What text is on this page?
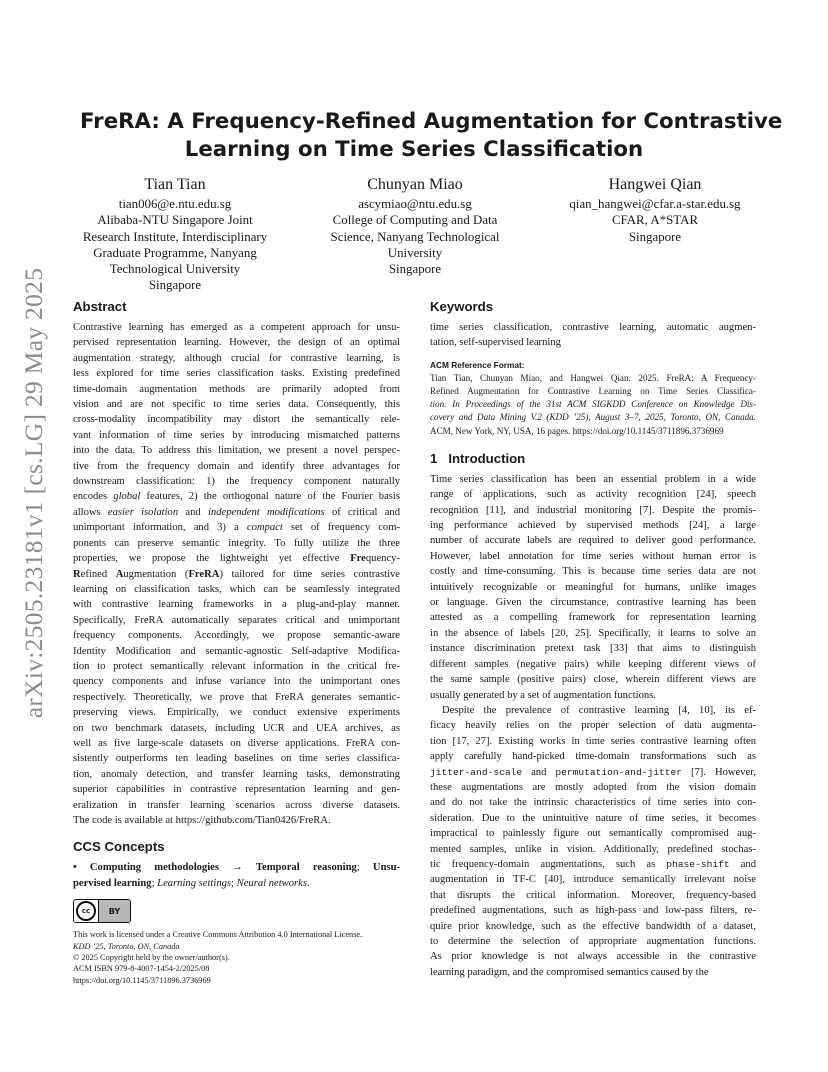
arXiv:2505.23181v1 [cs.LG] 29 May 2025
FreRA: A Frequency-Refined Augmentation for Contrastive
Learning on Time Series Classification
Tian Tian
tian006@e.ntu.edu.sg
Alibaba-NTU Singapore Joint
Research Institute, Interdisciplinary
Graduate Programme, Nanyang
Technological University
Singapore
Chunyan Miao
ascymiao@ntu.edu.sg
College of Computing and Data
Science, Nanyang Technological
University
Singapore
Hangwei Qian
qian_hangwei@cfar.a-star.edu.sg
CFAR, A*STAR
Singapore
Abstract
Contrastive learning has emerged as a competent approach for unsu-
pervised representation learning. However, the design of an optimal
augmentation strategy, although crucial for contrastive learning, is
less explored for time series classification tasks. Existing predefined
time-domain augmentation methods are primarily adopted from
vision and are not specific to time series data. Consequently, this
cross-modality incompatibility may distort the semantically rele-
vant information of time series by introducing mismatched patterns
into the data. To address this limitation, we present a novel perspec-
tive from the frequency domain and identify three advantages for
downstream classification: 1) the frequency component naturally
encodes global features, 2) the orthogonal nature of the Fourier basis
allows easier isolation and independent modifications of critical and
unimportant information, and 3) a compact set of frequency com-
ponents can preserve semantic integrity. To fully utilize the three
properties, we propose the lightweight yet effective Frequency-
Refined Augmentation (FreRA) tailored for time series contrastive
learning on classification tasks, which can be seamlessly integrated
with contrastive learning frameworks in a plug-and-play manner.
Specifically, FreRA automatically separates critical and unimportant
frequency components. Accordingly, we propose semantic-aware
Identity Modification and semantic-agnostic Self-adaptive Modifica-
tion to protect semantically relevant information in the critical fre-
quency components and infuse variance into the unimportant ones
respectively. Theoretically, we prove that FreRA generates semantic-
preserving views. Empirically, we conduct extensive experiments
on two benchmark datasets, including UCR and UEA archives, as
well as five large-scale datasets on diverse applications. FreRA con-
sistently outperforms ten leading baselines on time series classifica-
tion, anomaly detection, and transfer learning tasks, demonstrating
superior capabilities in contrastive representation learning and gen-
eralization in transfer learning scenarios across diverse datasets.
The code is available at https://github.com/Tian0426/FreRA.
CCS Concepts
• Computing methodologies → Temporal reasoning; Unsu-
pervised learning; Learning settings; Neural networks.
cc	BY
This work is licensed under a Creative Commons Attribution 4.0 International License.
KDD ’25, Toronto, ON, Canada
© 2025 Copyright held by the owner/author(s).
ACM ISBN 979-8-4007-1454-2/2025/08
https://doi.org/10.1145/3711896.3736969
Keywords
time series classification, contrastive learning, automatic augmen-
tation, self-supervised learning
ACM Reference Format:
Tian Tian, Chunyan Miao, and Hangwei Qian. 2025. FreRA: A Frequency-
Refined Augmentation for Contrastive Learning on Time Series Classifica-
tion. In Proceedings of the 31st ACM SIGKDD Conference on Knowledge Dis-
covery and Data Mining V.2 (KDD ’25), August 3–7, 2025, Toronto, ON, Canada.
ACM, New York, NY, USA, 16 pages. https://doi.org/10.1145/3711896.3736969
1   Introduction
Time series classification has been an essential problem in a wide
range of applications, such as activity recognition [24], speech
recognition [11], and industrial monitoring [7]. Despite the promis-
ing performance achieved by supervised methods [24], a large
number of accurate labels are required to deliver good performance.
However, label annotation for time series without human error is
costly and time-consuming. This is because time series data are not
intuitively recognizable or meaningful for humans, unlike images
or language. Given the circumstance, contrastive learning has been
attested as a compelling framework for representation learning
in the absence of labels [20, 25]. Specifically, it learns to solve an
instance discrimination pretext task [33] that aims to distinguish
different samples (negative pairs) while keeping different views of
the same sample (positive pairs) close, wherein different views are
usually generated by a set of augmentation functions.
Despite the prevalence of contrastive learning [4, 10], its ef-
ficacy heavily relies on the proper selection of data augmenta-
tion [17, 27]. Existing works in time series contrastive learning often
apply carefully hand-picked time-domain transformations such as
jitter-and-scale and permutation-and-jitter [7]. However,
these augmentations are mostly adopted from the vision domain
and do not take the intrinsic characteristics of time series into con-
sideration. Due to the unintuitive nature of time series, it becomes
impractical to painlessly figure out semantically compromised aug-
mented samples, unlike in vision. Additionally, predefined stochas-
tic frequency-domain augmentations, such as phase-shift and
augmentation in TF-C [40], introduce semantically irrelevant noise
that disrupts the critical information. Moreover, frequency-based
predefined augmentations, such as high-pass and low-pass filters, re-
quire prior knowledge, such as the effective bandwidth of a dataset,
to determine the selection of appropriate augmentation functions.
As prior knowledge is not always accessible in the contrastive
learning paradigm, and the compromised semantics caused by the
